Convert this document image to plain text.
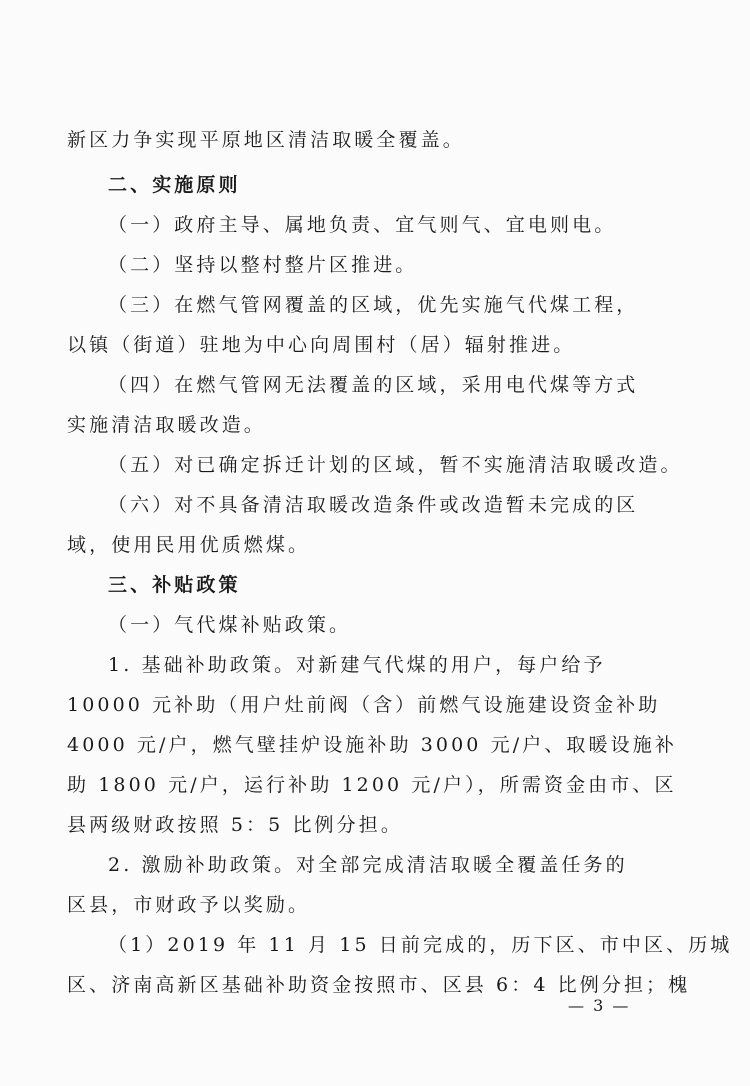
新区力争实现平原地区清洁取暖全覆盖。
二、实施原则
（一）政府主导、属地负责、宜气则气、宜电则电。
（二）坚持以整村整片区推进。
（三）在燃气管网覆盖的区域，优先实施气代煤工程，
以镇（街道）驻地为中心向周围村（居）辐射推进。
（四）在燃气管网无法覆盖的区域，采用电代煤等方式
实施清洁取暖改造。
（五）对已确定拆迁计划的区域，暂不实施清洁取暖改造。
（六）对不具备清洁取暖改造条件或改造暂未完成的区
域，使用民用优质燃煤。
三、补贴政策
（一）气代煤补贴政策。
1. 基础补助政策。对新建气代煤的用户，每户给予
10000 元补助（用户灶前阀（含）前燃气设施建设资金补助
4000 元/户，燃气壁挂炉设施补助 3000 元/户、取暖设施补
助 1800 元/户，运行补助 1200 元/户），所需资金由市、区
县两级财政按照 5：5 比例分担。
2. 激励补助政策。对全部完成清洁取暖全覆盖任务的
区县，市财政予以奖励。
（1）2019 年 11 月 15 日前完成的，历下区、市中区、历城
区、济南高新区基础补助资金按照市、区县 6：4 比例分担；槐
— 3 —
